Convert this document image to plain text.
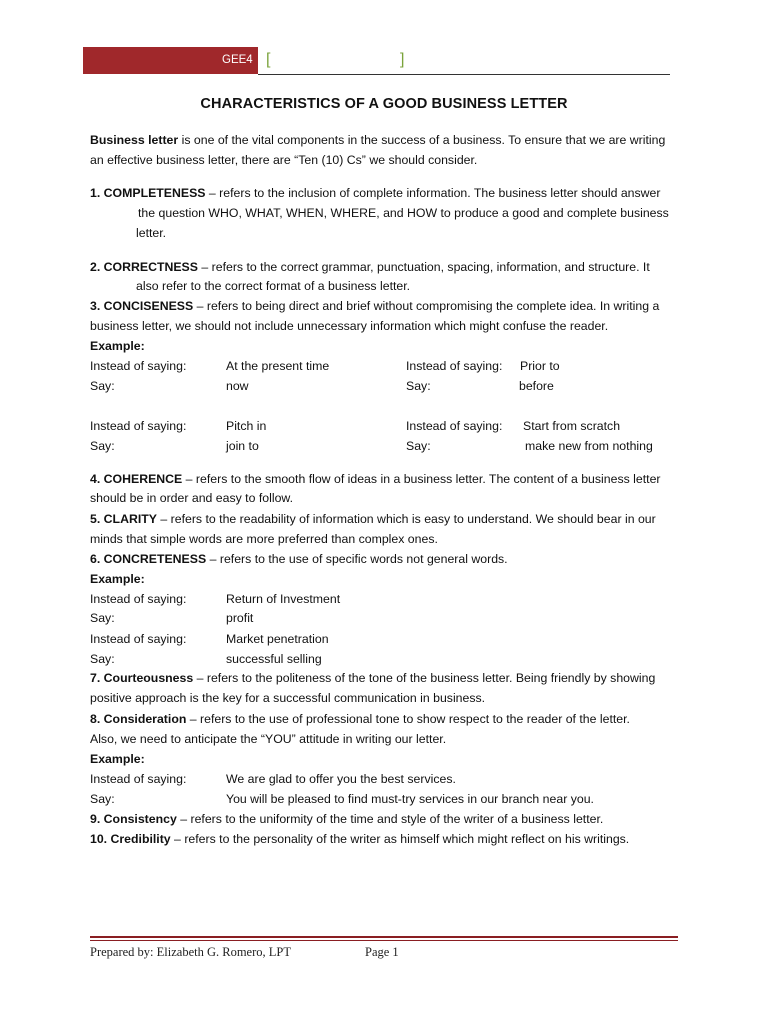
GEE4 [	]
CHARACTERISTICS OF A GOOD BUSINESS LETTER
Business letter is one of the vital components in the success of a business. To ensure that we are writing
an effective business letter, there are “Ten (10) Cs” we should consider.
1. COMPLETENESS – refers to the inclusion of complete information. The business letter should answer
the question WHO, WHAT, WHEN, WHERE, and HOW to produce a good and complete business
letter.
2. CORRECTNESS – refers to the correct grammar, punctuation, spacing, information, and structure. It
also refer to the correct format of a business letter.
3. CONCISENESS – refers to being direct and brief without compromising the complete idea. In writing a
business letter, we should not include unnecessary information which might confuse the reader.
Example:
Instead of saying:	At the present time	Instead of saying: Prior to
Say:	now	Say:	before
Instead of saying:	Pitch in	Instead of saying: Start from scratch
Say:	join to	Say:	make new from nothing
4. COHERENCE – refers to the smooth flow of ideas in a business letter. The content of a business letter
should be in order and easy to follow.
5. CLARITY – refers to the readability of information which is easy to understand. We should bear in our
minds that simple words are more preferred than complex ones.
6. CONCRETENESS – refers to the use of specific words not general words.
Example:
Instead of saying:	Return of Investment
Say:	profit
Instead of saying:	Market penetration
Say:	successful selling
7. Courteousness – refers to the politeness of the tone of the business letter. Being friendly by showing
positive approach is the key for a successful communication in business.
8. Consideration – refers to the use of professional tone to show respect to the reader of the letter.
Also, we need to anticipate the “YOU” attitude in writing our letter.
Example:
Instead of saying:	We are glad to offer you the best services.
Say:	You will be pleased to find must-try services in our branch near you.
9. Consistency – refers to the uniformity of the time and style of the writer of a business letter.
10. Credibility – refers to the personality of the writer as himself which might reflect on his writings.
Prepared by: Elizabeth G. Romero, LPT	Page 1
